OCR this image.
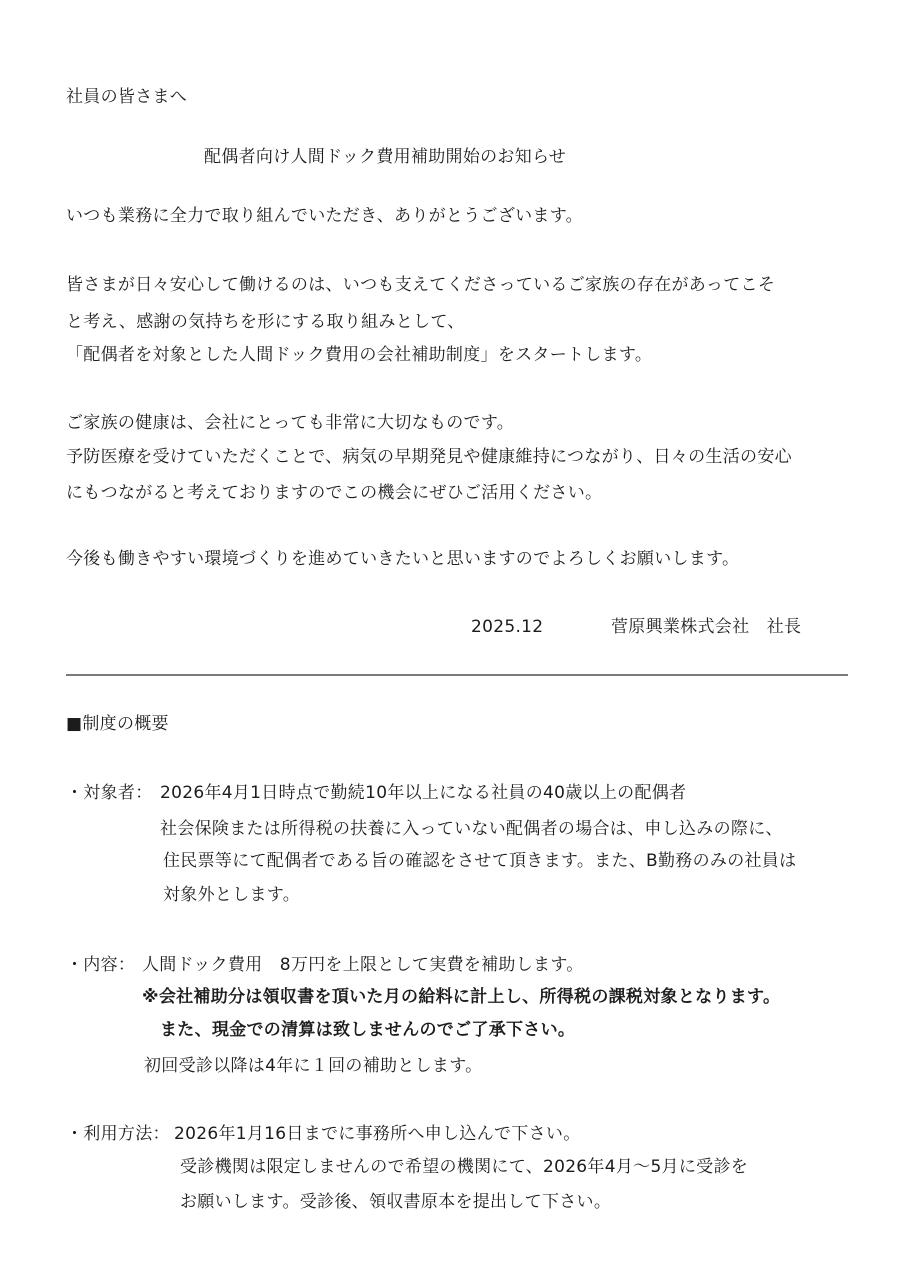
社員の皆さまへ
配偶者向け人間ドック費用補助開始のお知らせ
いつも業務に全力で取り組んでいただき、ありがとうございます。
皆さまが日々安心して働けるのは、いつも支えてくださっているご家族の存在があってこそ
と考え、感謝の気持ちを形にする取り組みとして、
「配偶者を対象とした人間ドック費用の会社補助制度」をスタートします。
ご家族の健康は、会社にとっても非常に大切なものです。
予防医療を受けていただくことで、病気の早期発見や健康維持につながり、日々の生活の安心
にもつながると考えておりますのでこの機会にぜひご活用ください。
今後も働きやすい環境づくりを進めていきたいと思いますのでよろしくお願いします。
2025.12	菅原興業株式会社　社長
■制度の概要
・対象者： 2026年4月1日時点で勤続10年以上になる社員の40歳以上の配偶者
社会保険または所得税の扶養に入っていない配偶者の場合は、申し込みの際に、
住民票等にて配偶者である旨の確認をさせて頂きます。また、B勤務のみの社員は
対象外とします。
・内容： 人間ドック費用　8万円を上限として実費を補助します。
※会社補助分は領収書を頂いた月の給料に計上し、所得税の課税対象となります。
また、現金での清算は致しませんのでご了承下さい。
初回受診以降は4年に１回の補助とします。
・利用方法： 2026年1月16日までに事務所へ申し込んで下さい。
受診機関は限定しませんので希望の機関にて、2026年4月～5月に受診を
お願いします。受診後、領収書原本を提出して下さい。
